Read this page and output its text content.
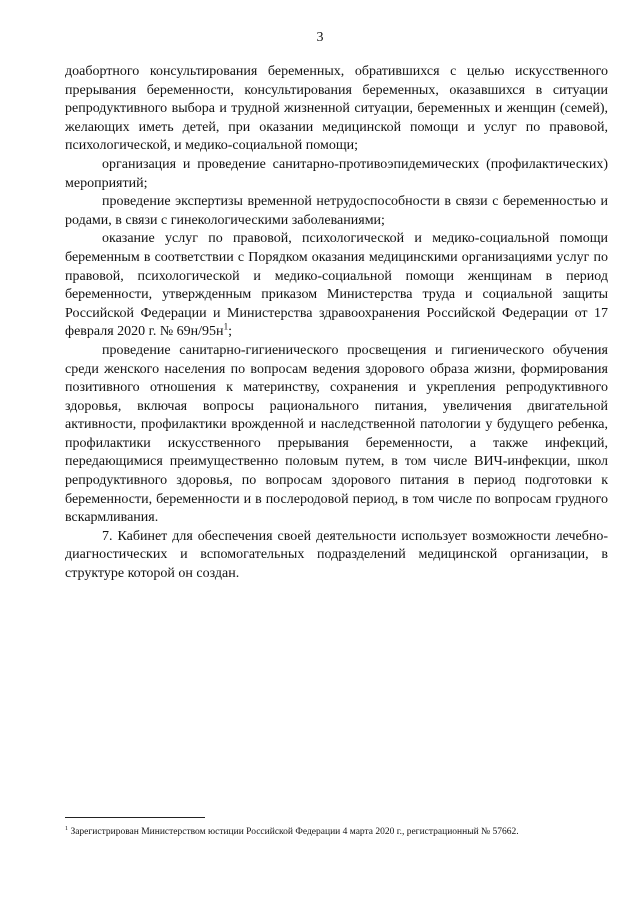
3

доабортного консультирования беременных, обратившихся с целью искусственного прерывания беременности, консультирования беременных, оказавшихся в ситуации репродуктивного выбора и трудной жизненной ситуации, беременных и женщин (семей), желающих иметь детей, при оказании медицинской помощи и услуг по правовой, психологической, и медико-социальной помощи;

организация и проведение санитарно-противоэпидемических (профилактических) мероприятий;

проведение экспертизы временной нетрудоспособности в связи с беременностью и родами, в связи с гинекологическими заболеваниями;

оказание услуг по правовой, психологической и медико-социальной помощи беременным в соответствии с Порядком оказания медицинскими организациями услуг по правовой, психологической и медико-социальной помощи женщинам в период беременности, утвержденным приказом Министерства труда и социальной защиты Российской Федерации и Министерства здравоохранения Российской Федерации от 17 февраля 2020 г. № $69н/95н^1$;

проведение санитарно-гигиенического просвещения и гигиенического обучения среди женского населения по вопросам ведения здорового образа жизни, формирования позитивного отношения к материнству, сохранения и укрепления репродуктивного здоровья, включая вопросы рационального питания, увеличения двигательной активности, профилактики врожденной и наследственной патологии у будущего ребенка, профилактики искусственного прерывания беременности, а также инфекций, передающимися преимущественно половым путем, в том числе ВИЧ-инфекции, школ репродуктивного здоровья, по вопросам здорового питания в период подготовки к беременности, беременности и в послеродовой период, в том числе по вопросам грудного вскармливания.

7. Кабинет для обеспечения своей деятельности использует возможности лечебно-диагностических и вспомогательных подразделений медицинской организации, в структуре которой он создан.

$^1$ Зарегистрирован Министерством юстиции Российской Федерации 4 марта 2020 г., регистрационный № 57662.
